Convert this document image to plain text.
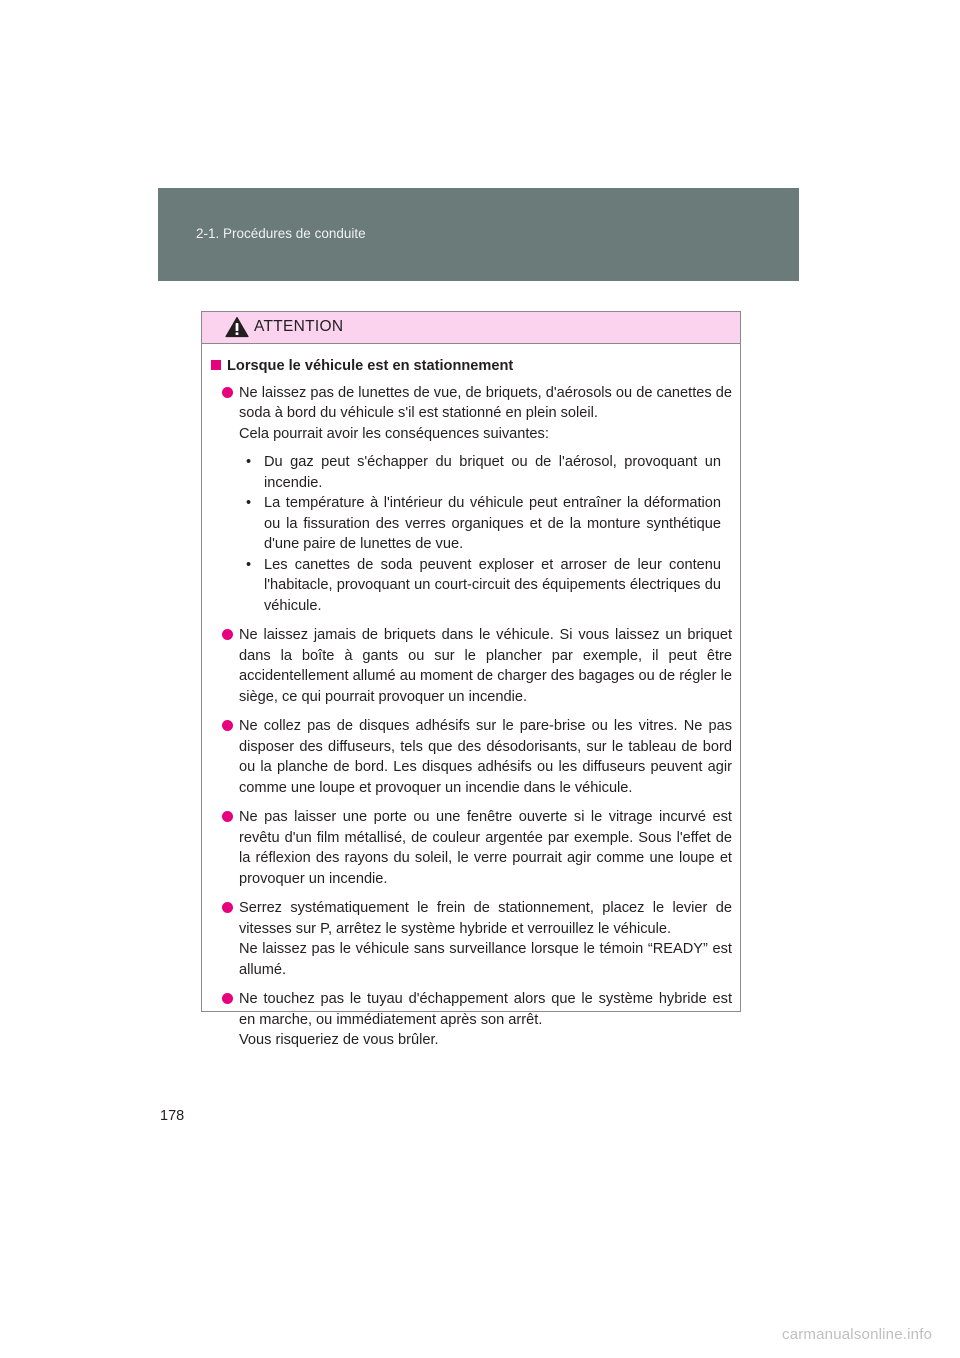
2-1. Procédures de conduite
ATTENTION
Lorsque le véhicule est en stationnement

Ne laissez pas de lunettes de vue, de briquets, d'aérosols ou de canettes de soda à bord du véhicule s'il est stationné en plein soleil.

Cela pourrait avoir les conséquences suivantes:

• Du gaz peut s'échapper du briquet ou de l'aérosol, provoquant un incendie.
• La température à l'intérieur du véhicule peut entraîner la déformation ou la fissuration des verres organiques et de la monture synthétique d'une paire de lunettes de vue.
• Les canettes de soda peuvent exploser et arroser de leur contenu l'habitacle, provoquant un court-circuit des équipements électriques du véhicule.

Ne laissez jamais de briquets dans le véhicule. Si vous laissez un briquet dans la boîte à gants ou sur le plancher par exemple, il peut être accidentellement allumé au moment de charger des bagages ou de régler le siège, ce qui pourrait provoquer un incendie.

Ne collez pas de disques adhésifs sur le pare-brise ou les vitres. Ne pas disposer des diffuseurs, tels que des désodorisants, sur le tableau de bord ou la planche de bord. Les disques adhésifs ou les diffuseurs peuvent agir comme une loupe et provoquer un incendie dans le véhicule.

Ne pas laisser une porte ou une fenêtre ouverte si le vitrage incurvé est revêtu d'un film métallisé, de couleur argentée par exemple. Sous l'effet de la réflexion des rayons du soleil, le verre pourrait agir comme une loupe et provoquer un incendie.

Serrez systématiquement le frein de stationnement, placez le levier de vitesses sur P, arrêtez le système hybride et verrouillez le véhicule.

Ne laissez pas le véhicule sans surveillance lorsque le témoin “READY” est allumé.

Ne touchez pas le tuyau d'échappement alors que le système hybride est en marche, ou immédiatement après son arrêt.

Vous risqueriez de vous brûler.

178
carmanualsonline.info
